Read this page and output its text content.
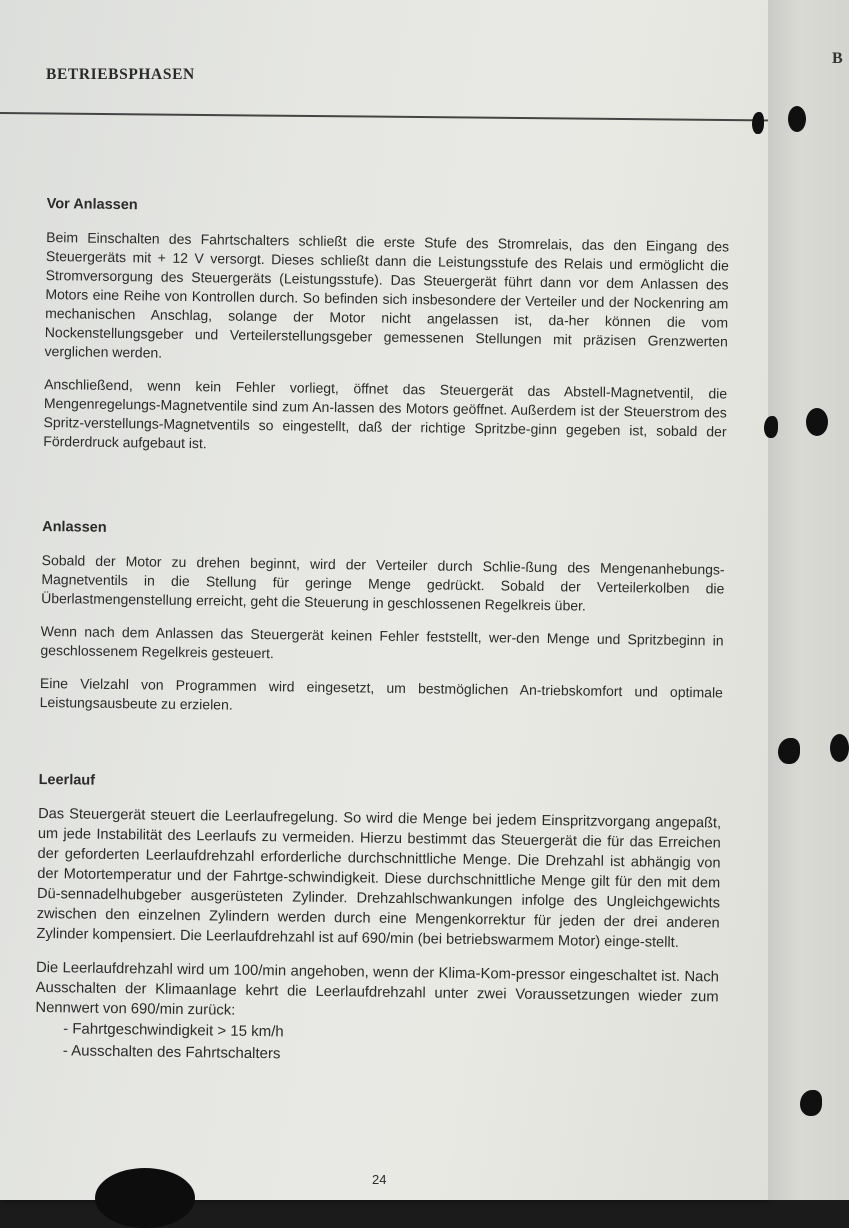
BETRIEBSPHASEN
Vor Anlassen

Beim Einschalten des Fahrtschalters schließt die erste Stufe des Stromrelais, das den Eingang des Steuergeräts mit + 12 V versorgt. Dieses schließt dann die Leistungsstufe des Relais und ermöglicht die Stromversorgung des Steuergeräts (Leistungsstufe). Das Steuergerät führt dann vor dem Anlassen des Motors eine Reihe von Kontrollen durch. So befinden sich insbesondere der Verteiler und der Nockenring am mechanischen Anschlag, solange der Motor nicht angelassen ist, da-her können die vom Nockenstellungsgeber und Verteilerstellungsgeber gemessenen Stellungen mit präzisen Grenzwerten verglichen werden.

Anschließend, wenn kein Fehler vorliegt, öffnet das Steuergerät das Abstell-Magnetventil, die Mengenregelungs-Magnetventile sind zum An-lassen des Motors geöffnet. Außerdem ist der Steuerstrom des Spritz-verstellungs-Magnetventils so eingestellt, daß der richtige Spritzbe-ginn gegeben ist, sobald der Förderdruck aufgebaut ist.

Anlassen

Sobald der Motor zu drehen beginnt, wird der Verteiler durch Schlie-ßung des Mengenanhebungs-Magnetventils in die Stellung für geringe Menge gedrückt. Sobald der Verteilerkolben die Überlastmengenstellung erreicht, geht die Steuerung in geschlossenen Regelkreis über.

Wenn nach dem Anlassen das Steuergerät keinen Fehler feststellt, wer-den Menge und Spritzbeginn in geschlossenem Regelkreis gesteuert.

Eine Vielzahl von Programmen wird eingesetzt, um bestmöglichen An-triebskomfort und optimale Leistungsausbeute zu erzielen.

Leerlauf

Das Steuergerät steuert die Leerlaufregelung. So wird die Menge bei jedem Einspritzvorgang angepaßt, um jede Instabilität des Leerlaufs zu vermeiden. Hierzu bestimmt das Steuergerät die für das Erreichen der geforderten Leerlaufdrehzahl erforderliche durchschnittliche Menge. Die Drehzahl ist abhängig von der Motortemperatur und der Fahrtge-schwindigkeit. Diese durchschnittliche Menge gilt für den mit dem Dü-sennadelhubgeber ausgerüsteten Zylinder. Drehzahlschwankungen infolge des Ungleichgewichts zwischen den einzelnen Zylindern werden durch eine Mengenkorrektur für jeden der drei anderen Zylinder kompensiert. Die Leerlaufdrehzahl ist auf 690/min (bei betriebswarmem Motor) einge-stellt.

Die Leerlaufdrehzahl wird um 100/min angehoben, wenn der Klima-Kom-pressor eingeschaltet ist. Nach Ausschalten der Klimaanlage kehrt die Leerlaufdrehzahl unter zwei Voraussetzungen wieder zum Nennwert von 690/min zurück:

- Fahrtgeschwindigkeit > 15 km/h
- Ausschalten des Fahrtschalters
24
B
